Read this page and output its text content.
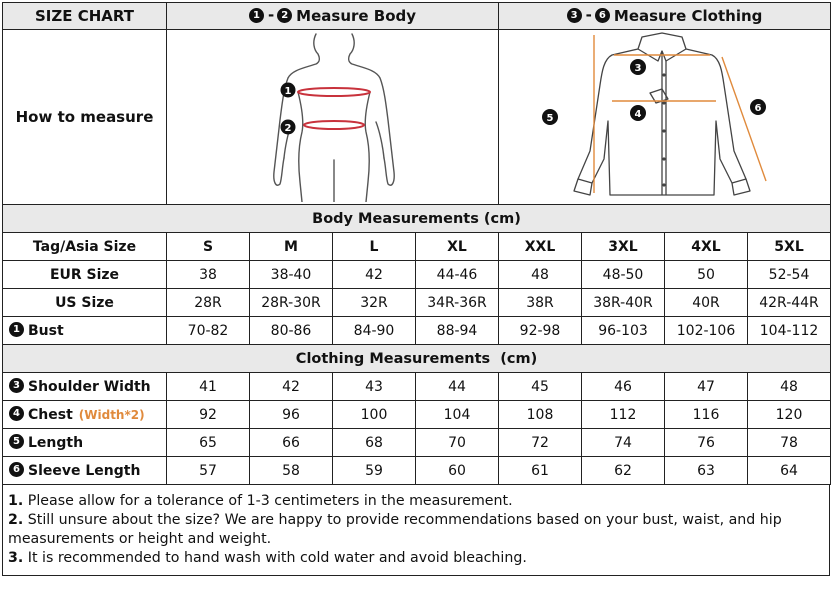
SIZE CHART	1 - 2 Measure Body				3 - 6 Measure Clothing			
How to measure	1
2				3
4
5
6			

Body Measurements (cm)								
Tag/Asia Size	S	M	L	XL	XXL	3XL	4XL	5XL
EUR Size	38	38-40	42	44-46	48	48-50	50	52-54
US Size	28R	28R-30R	32R	34R-36R	38R	38R-40R	40R	42R-44R
1 Bust	70-82	80-86	84-90	88-94	92-98	96-103	102-106	104-112
Clothing Measurements  (cm)								
3 Shoulder Width	41	42	43	44	45	46	47	48
4 Chest (Width*2)	92	96	100	104	108	112	116	120
5 Length	65	66	68	70	72	74	76	78
6 Sleeve Length	57	58	59	60	61	62	63	64
1. Please allow for a tolerance of 1-3 centimeters in the measurement.
2. Still unsure about the size? We are happy to provide recommendations based on your bust, waist, and hip measurements or height and weight.
3. It is recommended to hand wash with cold water and avoid bleaching.
